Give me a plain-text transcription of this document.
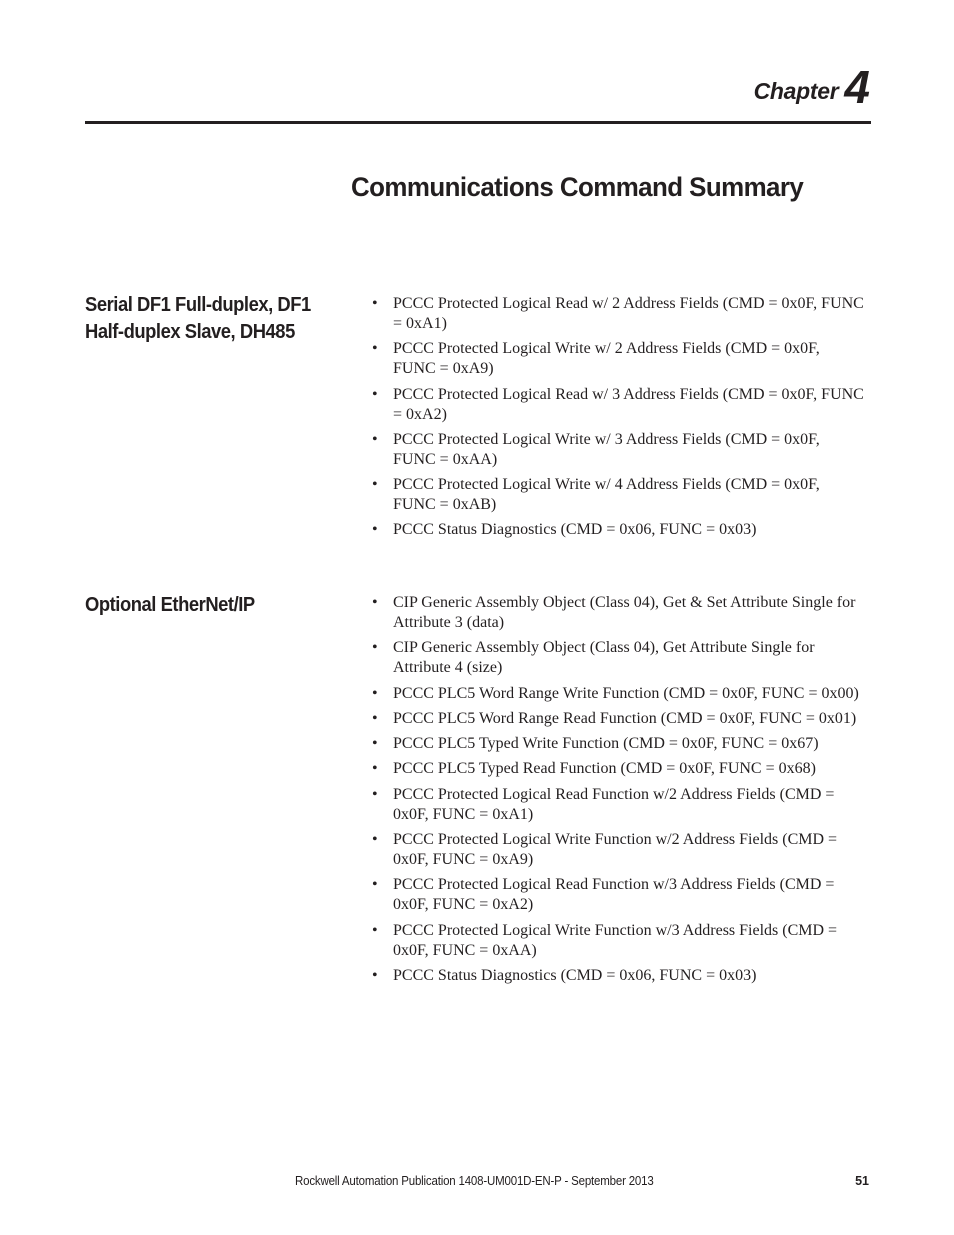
Chapter 4
Communications Command Summary
Serial DF1 Full-duplex, DF1 Half-duplex Slave, DH485
• PCCC Protected Logical Read w/ 2 Address Fields (CMD = 0x0F, FUNC = 0xA1)
• PCCC Protected Logical Write w/ 2 Address Fields (CMD = 0x0F, FUNC = 0xA9)
• PCCC Protected Logical Read w/ 3 Address Fields (CMD = 0x0F, FUNC = 0xA2)
• PCCC Protected Logical Write w/ 3 Address Fields (CMD = 0x0F, FUNC = 0xAA)
• PCCC Protected Logical Write w/ 4 Address Fields (CMD = 0x0F, FUNC = 0xAB)
• PCCC Status Diagnostics (CMD = 0x06, FUNC = 0x03)
Optional EtherNet/IP	• CIP Generic Assembly Object (Class 04), Get & Set Attribute Single for Attribute 3 (data)
• CIP Generic Assembly Object (Class 04), Get Attribute Single for Attribute 4 (size)
• PCCC PLC5 Word Range Write Function (CMD = 0x0F, FUNC = 0x00)
• PCCC PLC5 Word Range Read Function (CMD = 0x0F, FUNC = 0x01)
• PCCC PLC5 Typed Write Function (CMD = 0x0F, FUNC = 0x67)
• PCCC PLC5 Typed Read Function (CMD = 0x0F, FUNC = 0x68)
• PCCC Protected Logical Read Function w/2 Address Fields (CMD = 0x0F, FUNC = 0xA1)
• PCCC Protected Logical Write Function w/2 Address Fields (CMD = 0x0F, FUNC = 0xA9)
• PCCC Protected Logical Read Function w/3 Address Fields (CMD = 0x0F, FUNC = 0xA2)
• PCCC Protected Logical Write Function w/3 Address Fields (CMD = 0x0F, FUNC = 0xAA)
• PCCC Status Diagnostics (CMD = 0x06, FUNC = 0x03)
Rockwell Automation Publication 1408-UM001D-EN-P - September 2013	51
